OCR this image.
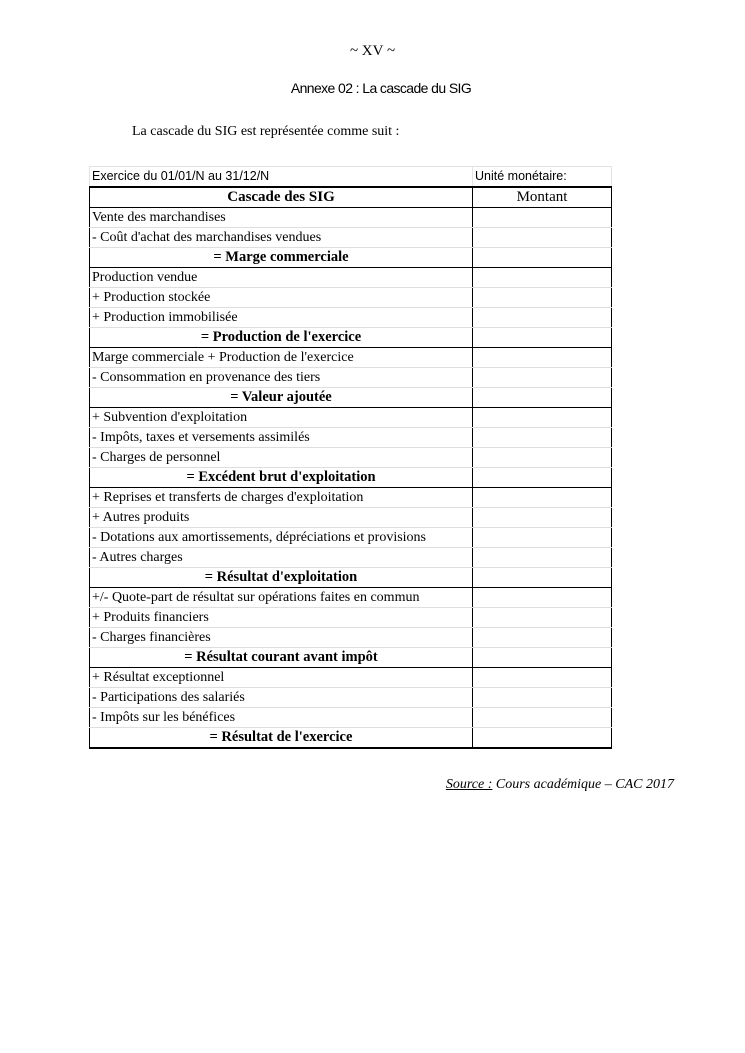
~ XV ~
Annexe 02 : La cascade du SIG
La cascade du SIG est représentée comme suit :
Exercice du 01/01/N au 31/12/N	Unité monétaire:
Cascade des SIG	Montant
Vente des marchandises	
- Coût d'achat des marchandises vendues	
= Marge commerciale	
Production vendue	
+ Production stockée	
+ Production immobilisée	
= Production de l'exercice	
Marge commerciale + Production de l'exercice	
- Consommation en provenance des tiers	
= Valeur ajoutée	
+ Subvention d'exploitation	
- Impôts, taxes et versements assimilés	
- Charges de personnel	
= Excédent brut d'exploitation	
+ Reprises et transferts de charges d'exploitation	
+ Autres produits	
- Dotations aux amortissements, dépréciations et provisions	
- Autres charges	
= Résultat d'exploitation	
+/- Quote-part de résultat sur opérations faites en commun	
+ Produits financiers	
- Charges financières	
= Résultat courant avant impôt	
+ Résultat exceptionnel	
- Participations des salariés	
- Impôts sur les bénéfices	
= Résultat de l'exercice	
Source : Cours académique – CAC 2017
